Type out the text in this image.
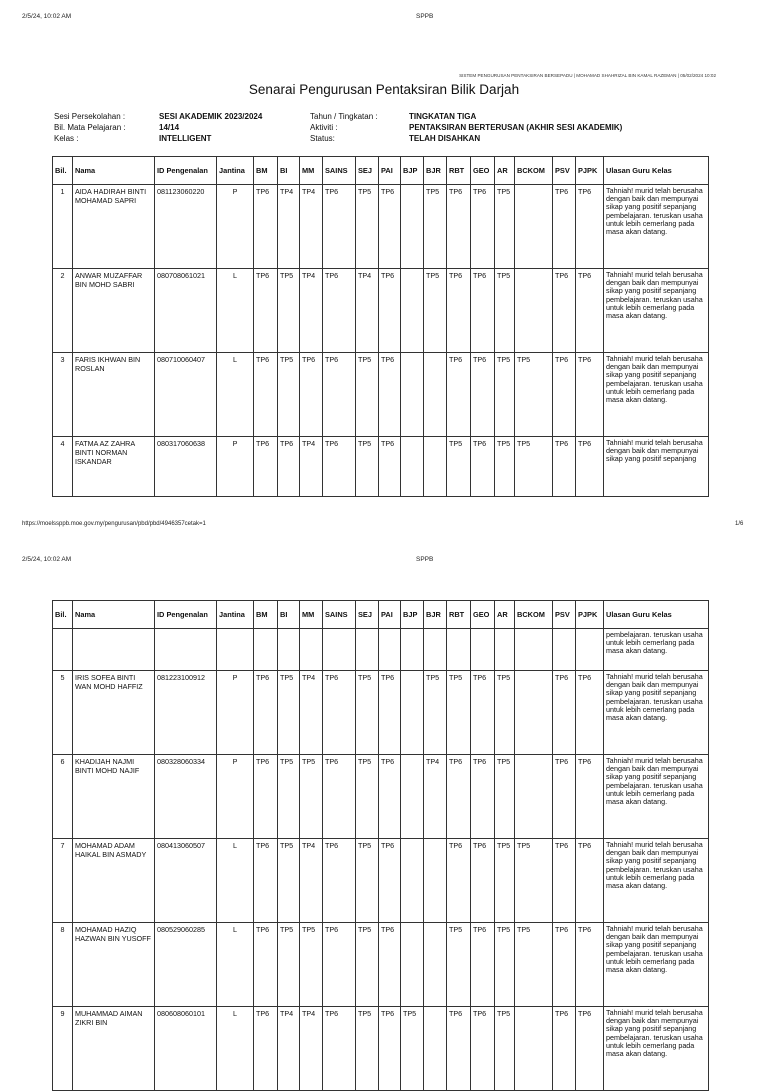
2/5/24, 10:02 AM	SPPB
SISTEM PENGURUSAN PENTAKSIRAN BERSEPADU | MOHAMAD SHAHRIZAL BIN KAMAL RAZEMAN | 05/02/2024 10:02
Senarai Pengurusan Pentaksiran Bilik Darjah
Sesi Persekolahan :	SESI AKADEMIK 2023/2024
Bil. Mata Pelajaran :	14/14
Kelas :	INTELLIGENT
Tahun / Tingkatan :	TINGKATAN TIGA
Aktiviti :	PENTAKSIRAN BERTERUSAN (AKHIR SESI AKADEMIK)
Status:	TELAH DISAHKAN
Bil.	Nama	ID Pengenalan	Jantina	BM	BI	MM	SAINS	SEJ	PAI	BJP	BJR	RBT	GEO	AR	BCKOM	PSV	PJPK	Ulasan Guru Kelas
1	AIDA HADIRAH BINTI MOHAMAD SAPRI	081123060220	P	TP6	TP4	TP4	TP6	TP5	TP6		TP5	TP6	TP6	TP5		TP6	TP6	Tahniah! murid telah berusaha dengan baik dan mempunyai sikap yang positif sepanjang pembelajaran. teruskan usaha untuk lebih cemerlang pada masa akan datang.
2	ANWAR MUZAFFAR BIN MOHD SABRI	080708061021	L	TP6	TP5	TP4	TP6	TP4	TP6		TP5	TP6	TP6	TP5		TP6	TP6	Tahniah! murid telah berusaha dengan baik dan mempunyai sikap yang positif sepanjang pembelajaran. teruskan usaha untuk lebih cemerlang pada masa akan datang.
3	FARIS IKHWAN BIN ROSLAN	080710060407	L	TP6	TP5	TP6	TP6	TP5	TP6			TP6	TP6	TP5	TP5	TP6	TP6	Tahniah! murid telah berusaha dengan baik dan mempunyai sikap yang positif sepanjang pembelajaran. teruskan usaha untuk lebih cemerlang pada masa akan datang.
4	FATMA AZ ZAHRA BINTI NORMAN ISKANDAR	080317060638	P	TP6	TP6	TP4	TP6	TP5	TP6			TP5	TP6	TP5	TP5	TP6	TP6	Tahniah! murid telah berusaha dengan baik dan mempunyai sikap yang positif sepanjang
https://moelssppb.moe.gov.my/pengurusan/pbd/pbd/4946357cetak=1	1/6
2/5/24, 10:02 AM	SPPB
Bil.	Nama	ID Pengenalan	Jantina	BM	BI	MM	SAINS	SEJ	PAI	BJP	BJR	RBT	GEO	AR	BCKOM	PSV	PJPK	Ulasan Guru Kelas
																		pembelajaran. teruskan usaha untuk lebih cemerlang pada masa akan datang.
5	IRIS SOFEA BINTI WAN MOHD HAFFIZ	081223100912	P	TP6	TP5	TP4	TP6	TP5	TP6		TP5	TP5	TP6	TP5		TP6	TP6	Tahniah! murid telah berusaha dengan baik dan mempunyai sikap yang positif sepanjang pembelajaran. teruskan usaha untuk lebih cemerlang pada masa akan datang.
6	KHADIJAH NAJMI BINTI MOHD NAJIF	080328060334	P	TP6	TP5	TP5	TP6	TP5	TP6		TP4	TP6	TP6	TP5		TP6	TP6	Tahniah! murid telah berusaha dengan baik dan mempunyai sikap yang positif sepanjang pembelajaran. teruskan usaha untuk lebih cemerlang pada masa akan datang.
7	MOHAMAD ADAM HAIKAL BIN ASMADY	080413060507	L	TP6	TP5	TP4	TP6	TP5	TP6			TP6	TP6	TP5	TP5	TP6	TP6	Tahniah! murid telah berusaha dengan baik dan mempunyai sikap yang positif sepanjang pembelajaran. teruskan usaha untuk lebih cemerlang pada masa akan datang.
8	MOHAMAD HAZIQ HAZWAN BIN YUSOFF	080529060285	L	TP6	TP5	TP5	TP6	TP5	TP6			TP5	TP6	TP5	TP5	TP6	TP6	Tahniah! murid telah berusaha dengan baik dan mempunyai sikap yang positif sepanjang pembelajaran. teruskan usaha untuk lebih cemerlang pada masa akan datang.
9	MUHAMMAD AIMAN ZIKRI BIN	080608060101	L	TP6	TP4	TP4	TP6	TP5	TP6	TP5		TP6	TP6	TP5		TP6	TP6	Tahniah! murid telah berusaha dengan baik dan mempunyai sikap yang positif sepanjang pembelajaran. teruskan usaha untuk lebih cemerlang pada masa akan datang.
